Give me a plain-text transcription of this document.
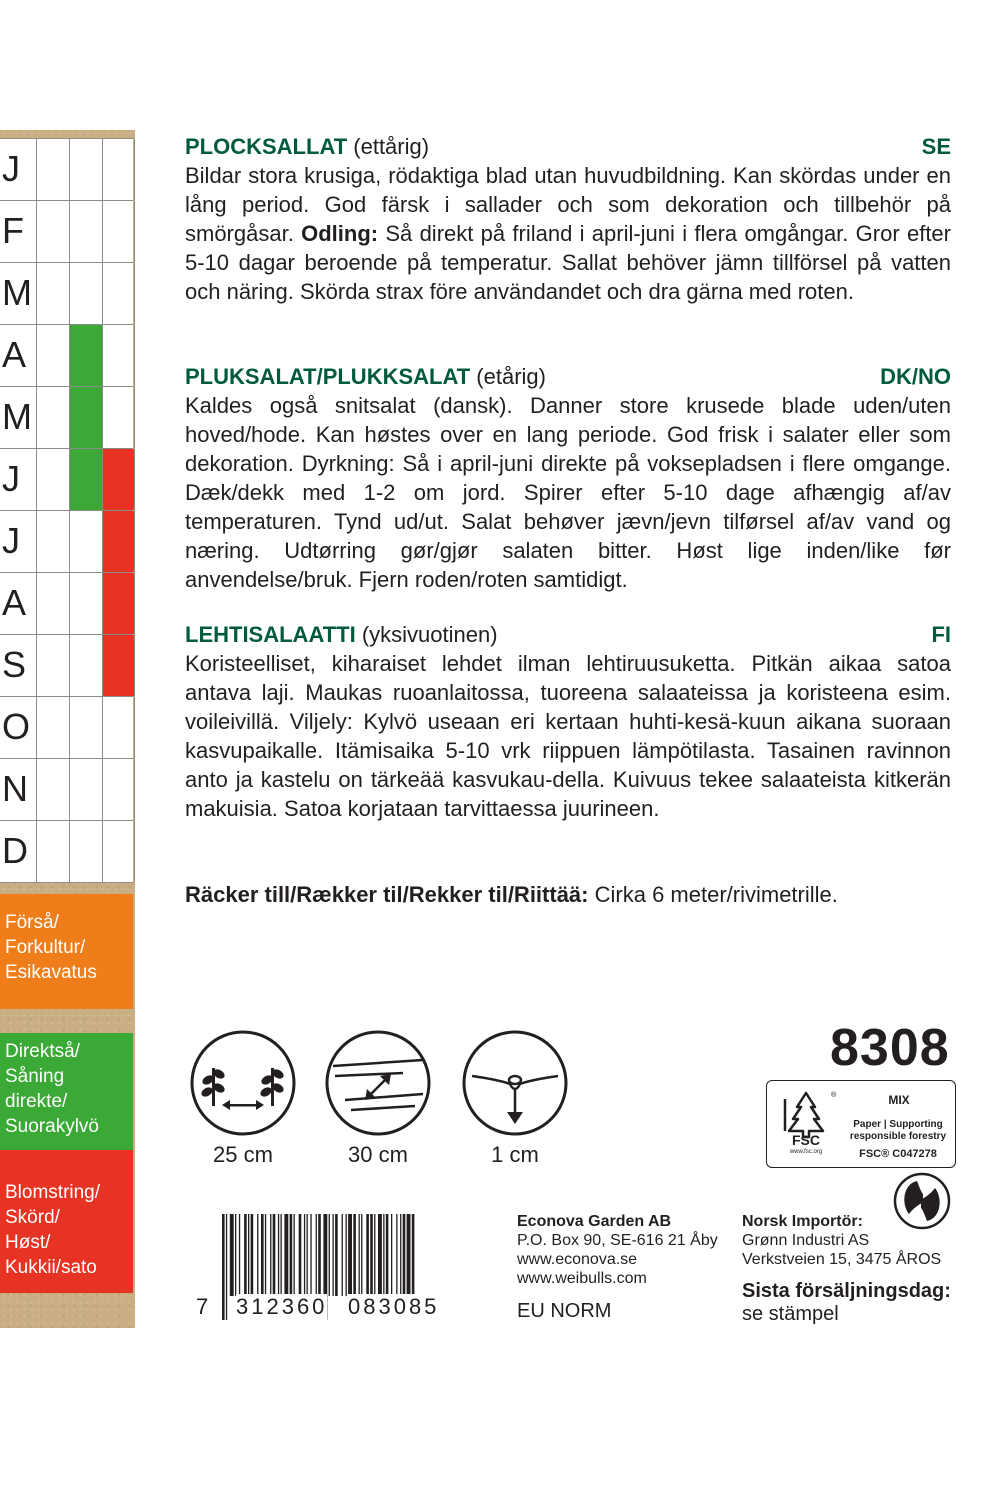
J
F
M
A
M
J
J
A
S
O
N
D
Förså/
Forkultur/
Esikavatus
Direktså/
Såning
direkte/
Suorakylvö
Blomstring/
Skörd/
Høst/
Kukkii/sato
PLOCKSALLAT (ettårig)	SE

Bildar stora krusiga, rödaktiga blad utan huvudbildning. Kan skördas under en lång period. God färsk i sallader och som dekoration och tillbehör på smörgåsar. Odling: Så direkt på friland i april-juni i flera omgångar. Gror efter 5-10 dagar beroende på temperatur. Sallat behöver jämn tillförsel på vatten och näring. Skörda strax före användandet och dra gärna med roten.

PLUKSALAT/PLUKKSALAT (etårig)	DK/NO

Kaldes også snitsalat (dansk). Danner store krusede blade uden/uten hoved/hode. Kan høstes over en lang periode. God frisk i salater eller som dekoration. Dyrkning: Så i april-juni direkte på voksepladsen i flere omgange. Dæk/dekk med 1-2 om jord. Spirer efter 5-10 dage afhængig af/av temperaturen. Tynd ud/ut. Salat behøver jævn/jevn tilførsel af/av vand og næring. Udtørring gør/gjør salaten bitter. Høst lige inden/like før anvendelse/bruk. Fjern roden/roten samtidigt.

LEHTISALAATTI (yksivuotinen)	FI

Koristeelliset, kiharaiset lehdet ilman lehtiruusuketta. Pitkän aikaa satoa antava laji. Maukas ruoanlaitossa, tuoreena salaateissa ja koristeena esim. voileivillä. Viljely: Kylvö useaan eri kertaan huhti-kesä-kuun aikana suoraan kasvupaikalle. Itämisaika 5-10 vrk riippuen lämpötilasta. Tasainen ravinnon anto ja kastelu on tärkeää kasvukau-della. Kuivuus tekee salaateista kitkerän makuisia. Satoa korjataan tarvittaessa juurineen.

Räcker till/Rækker til/Rekker til/Riittää: Cirka 6 meter/rivimetrille.
25 cm	30 cm	1 cm
8308
®
FSC
www.fsc.org
MIX
Paper | Supporting
responsible forestry
FSC® C047278
7 312360 083085
Econova Garden AB
P.O. Box 90, SE-616 21 Åby
www.econova.se
www.weibulls.com
EU NORM
Norsk Importör:
Grønn Industri AS
Verkstveien 15, 3475 ÅROS
Sista försäljningsdag:
se stämpel
